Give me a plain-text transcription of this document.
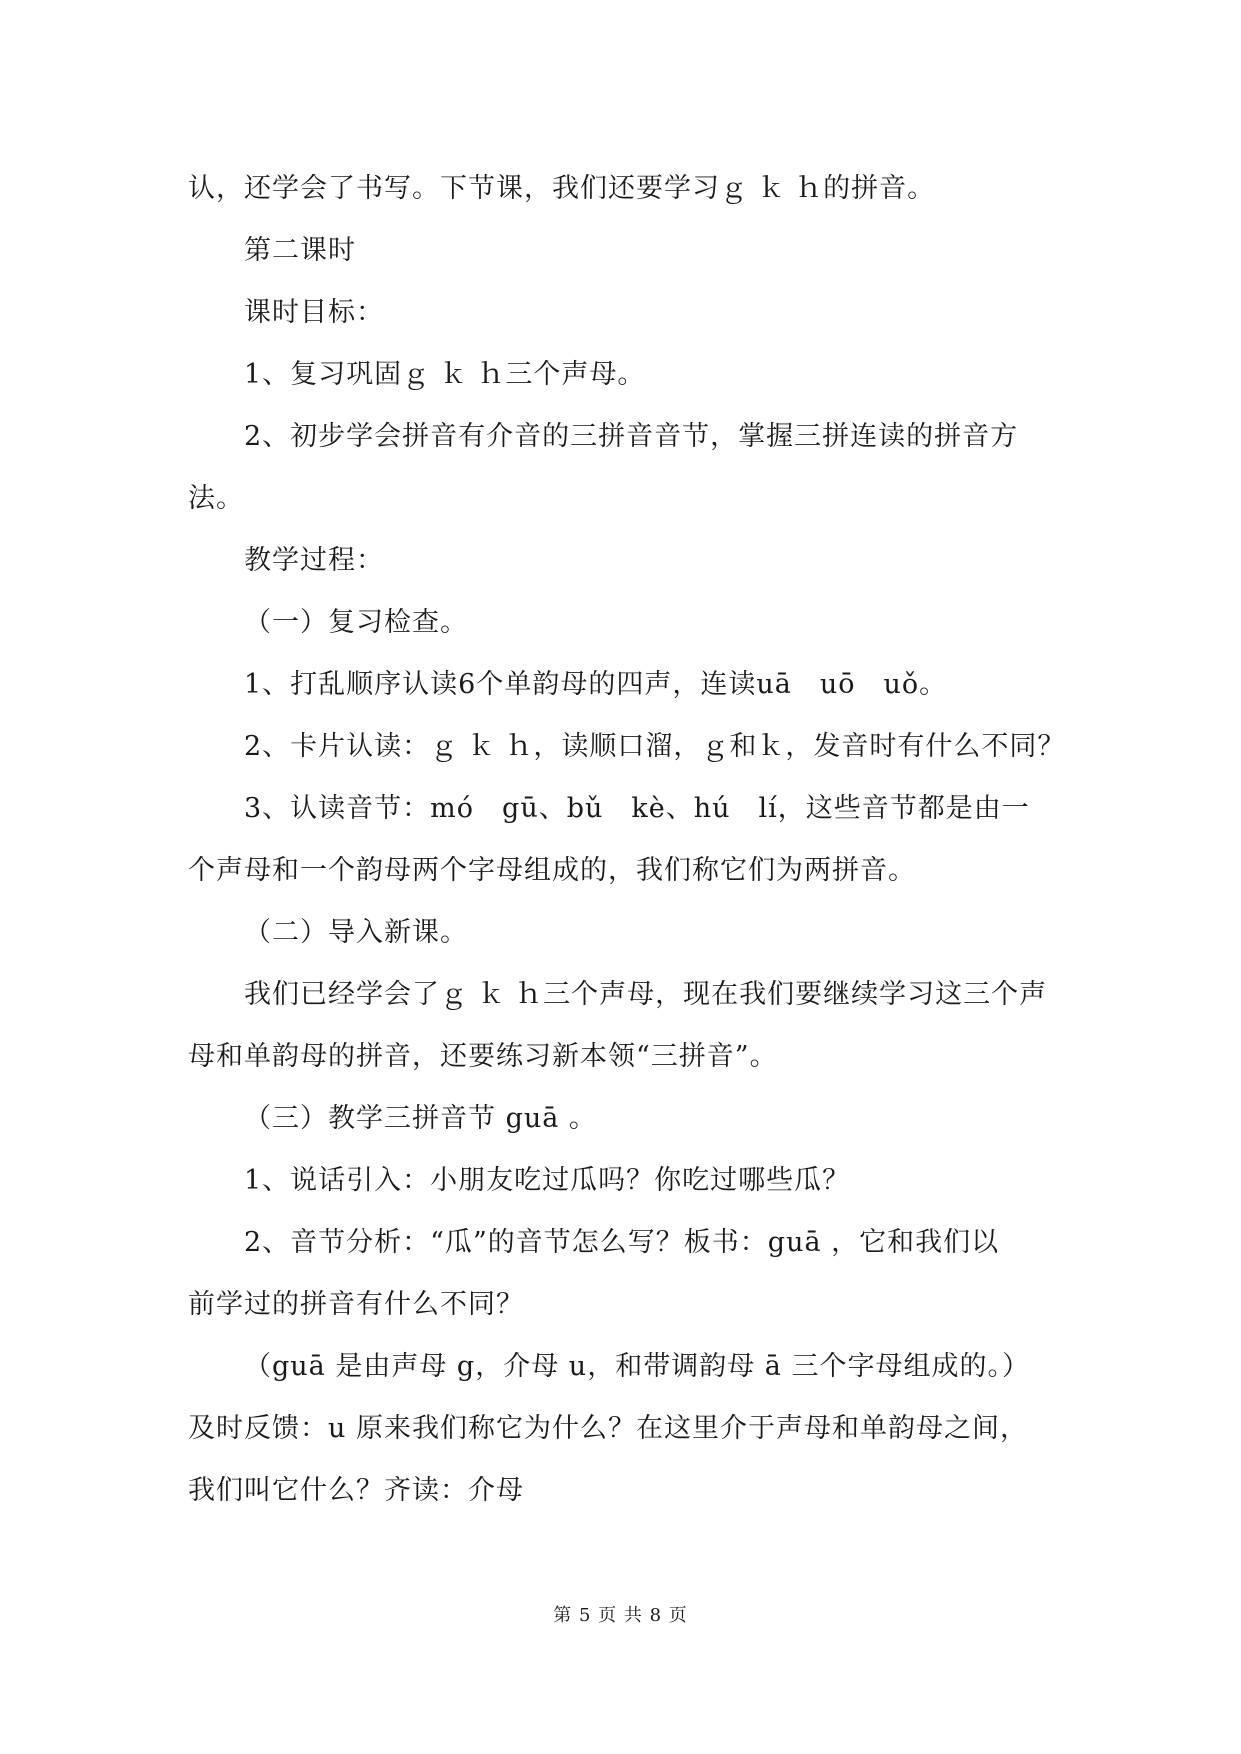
认，还学会了书写。下节课，我们还要学习ｇ ｋ ｈ的拼音。
第二课时
课时目标：
1、复习巩固ｇ ｋ ｈ三个声母。
2、初步学会拼音有介音的三拼音音节，掌握三拼连读的拼音方
法。
教学过程：
（一）复习检查。
1、打乱顺序认读6个单韵母的四声，连读uā　uō　uǒ。
2、卡片认读：ｇ ｋ ｈ，读顺口溜，ｇ和ｋ，发音时有什么不同？
3、认读音节：mó　gū、bǔ　kè、hú　lí，这些音节都是由一
个声母和一个韵母两个字母组成的，我们称它们为两拼音。
（二）导入新课。
我们已经学会了ｇ ｋ ｈ三个声母，现在我们要继续学习这三个声
母和单韵母的拼音，还要练习新本领“三拼音”。
（三）教学三拼音节 guā 。
1、说话引入：小朋友吃过瓜吗？你吃过哪些瓜？
2、音节分析：“瓜”的音节怎么写？板书：guā ，它和我们以
前学过的拼音有什么不同？
（guā 是由声母 g，介母 u，和带调韵母 ā 三个字母组成的。）
及时反馈：u 原来我们称它为什么？在这里介于声母和单韵母之间，
我们叫它什么？齐读：介母
第 5 页 共 8 页
